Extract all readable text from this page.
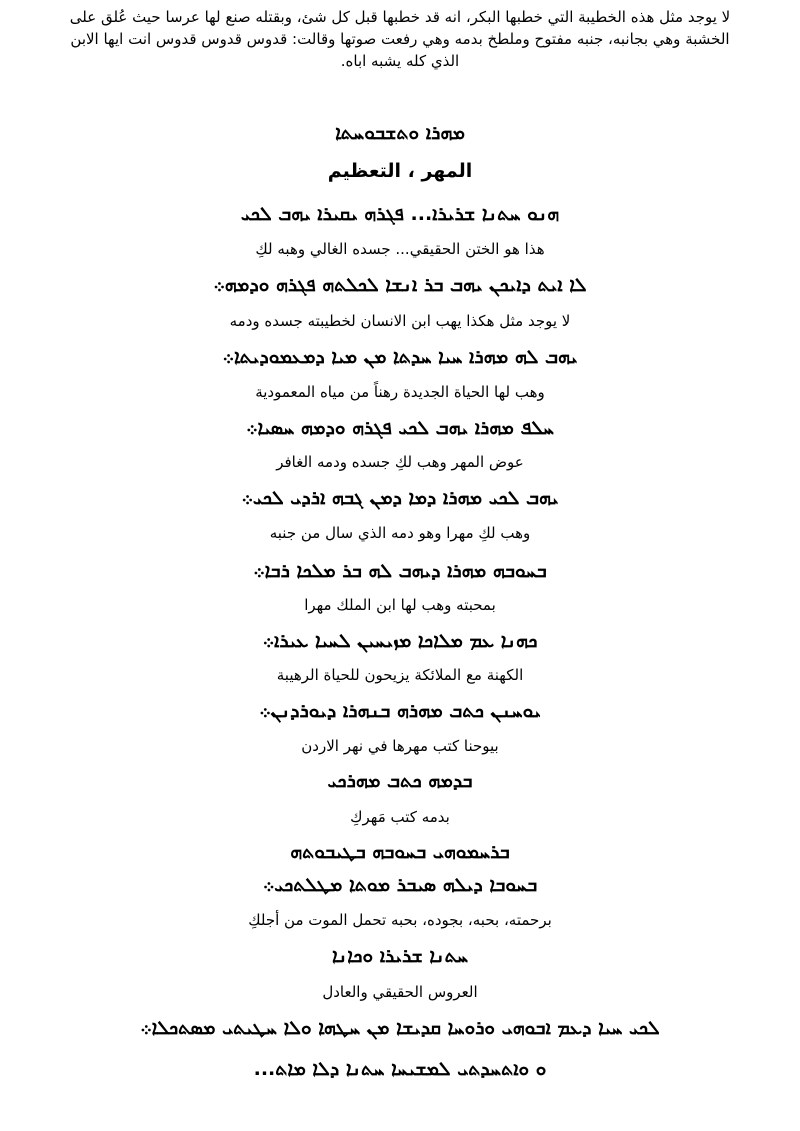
لا يوجد مثل هذه الخطيبة التي خطبها البكر، انه قد خطبها قبل كل شئ، وبقتله صنع لها عرسا حيث عُلق على

الخشبة وهي بجانبه، جنبه مفتوح وملطخ بدمه وهي رفعت صوتها وقالت: قدوس قدوس قدوس انت ايها الابن

الذي كله يشبه اباه.

ܡܗܪܐ ܘܬܫܒܘܚܬܐ
المهر ، التعظيم
ܗܢܘ ܚܬܢܐ ܫܪܝܪܐ... ܦܓܪܗ ܝܩܝܪܐ ܝܗܒ ܠܟܝ
هذا هو الختن الحقيقي... جسده الغالي وهبه لكِ
ܠܐ ܐܝܬ ܕܐܝܟܢ ܝܗܒ ܒܪ ܐܢܫܐ ܠܟܠܬܗ ܦܓܪܗ ܘܕܡܗ܀
لا يوجد مثل هكذا يهب ابن الانسان لخطيبته جسده ودمه
ܝܗܒ ܠܗ ܡܗܪܐ ܚܝܐ ܚܕܬܐ ܡܢ ܡܝܐ ܕܡܥܡܘܕܝܬܐ܀
وهب لها الحياة الجديدة رهناً من مياه المعمودية
ܚܠܦ ܡܗܪܐ ܝܗܒ ܠܟܝ ܦܓܪܗ ܘܕܡܗ ܚܣܝܐ܀
عوض المهر وهب لكِ جسده ودمه الغافر
ܝܗܒ ܠܟܝ ܡܗܪܐ ܕܡܐ ܕܡܢ ܓܒܗ ܐܪܕܝ ܠܟܝ܀
وهب لكِ مهرا وهو دمه الذي سال من جنبه
ܒܚܘܒܗ ܡܗܪܐ ܕܝܗܒ ܠܗ ܒܪ ܡܠܟܐ ܪܒܐ܀
بمحبته وهب لها ابن الملك مهرا
ܟܗܢܐ ܥܡ ܡܠܐܟܐ ܡܙܝܚܝܢ ܠܚܝܐ ܥܝܪܐ܀
الكهنة مع الملائكة يزيحون للحياة الرهيبة
ܝܘܚܢܢ ܟܬܒ ܡܗܪܗ ܒܢܗܪܐ ܕܝܘܪܕܢܢ܀
بيوحنا كتب مهرها في نهر الاردن
ܒܕܡܗ ܟܬܒ ܡܗܪܟܝ
بدمه كتب مَهركِ
ܒܪܚܡܘܗܝ ܒܚܘܒܗ ܒܛܝܒܘܬܗ
ܒܚܘܒܐ ܕܝܠܗ ܣܝܒܪ ܡܘܬܐ ܡܛܠܬܟܝ܀
برحمته، بحبه، بجوده، بحبه تحمل الموت من أجلكِ
ܚܬܢܐ ܫܪܝܪܐ ܘܟܐܢܐ
العروس الحقيقي والعادل
ܠܟܝ ܚܝܐ ܕܥܡ ܐܒܘܗܝ ܘܪܘܚܐ ܩܕܝܫܐ ܡܢ ܚܛܗܐ ܘܠܐ ܚܛܝܬܝ ܡܣܬܟܠܐ܀
ܘ ܘܐܬܚܕܬܝ ܠܡܫܝܚܐ ܚܬܢܐ ܕܠܐ ܡܐܬ...
